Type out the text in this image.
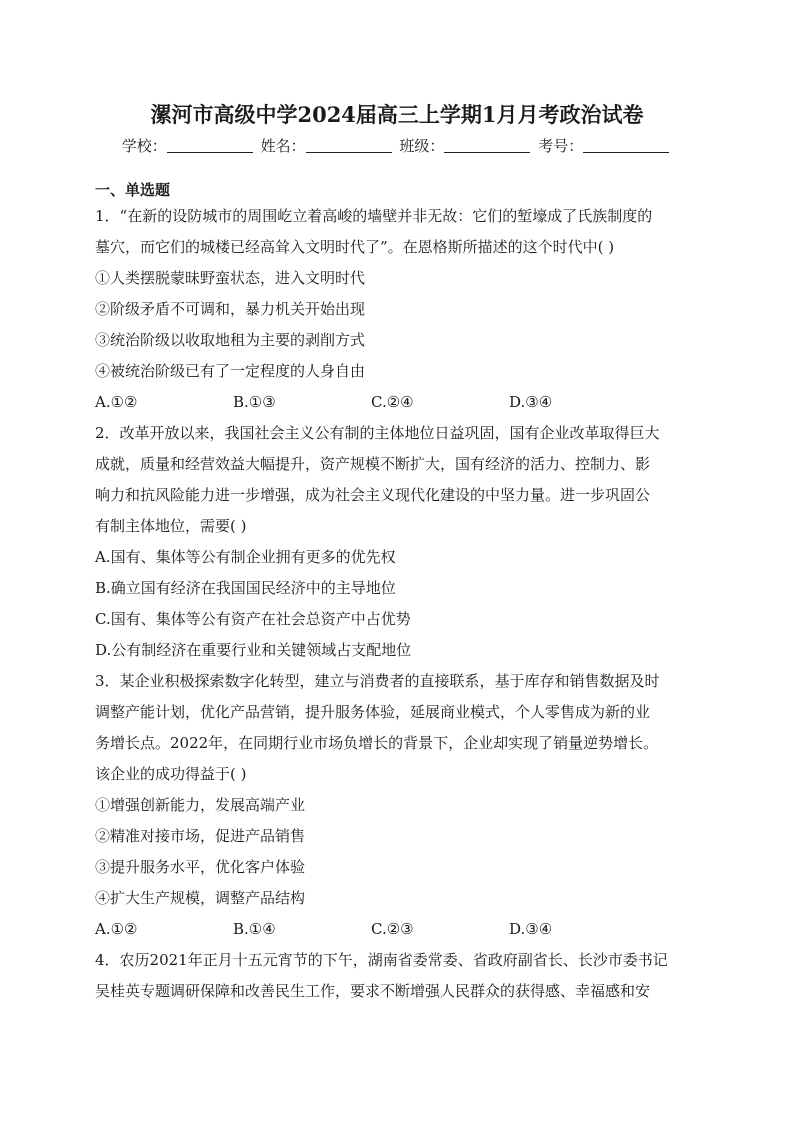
漯河市高级中学2024届高三上学期1月月考政治试卷
学校：	姓名：	班级：	考号：
一、单选题
1．“在新的设防城市的周围屹立着高峻的墙壁并非无故：它们的堑壕成了氏族制度的
墓穴，而它们的城楼已经高耸入文明时代了”。在恩格斯所描述的这个时代中( )
①人类摆脱蒙昧野蛮状态，进入文明时代
②阶级矛盾不可调和，暴力机关开始出现
③统治阶级以收取地租为主要的剥削方式
④被统治阶级已有了一定程度的人身自由
A.①②	B.①③	C.②④	D.③④
2．改革开放以来，我国社会主义公有制的主体地位日益巩固，国有企业改革取得巨大
成就，质量和经营效益大幅提升，资产规模不断扩大，国有经济的活力、控制力、影
响力和抗风险能力进一步增强，成为社会主义现代化建设的中坚力量。进一步巩固公
有制主体地位，需要( )
A.国有、集体等公有制企业拥有更多的优先权
B.确立国有经济在我国国民经济中的主导地位
C.国有、集体等公有资产在社会总资产中占优势
D.公有制经济在重要行业和关键领域占支配地位
3．某企业积极探索数字化转型，建立与消费者的直接联系，基于库存和销售数据及时
调整产能计划，优化产品营销，提升服务体验，延展商业模式，个人零售成为新的业
务增长点。2022年，在同期行业市场负增长的背景下，企业却实现了销量逆势增长。
该企业的成功得益于( )
①增强创新能力，发展高端产业
②精准对接市场，促进产品销售
③提升服务水平，优化客户体验
④扩大生产规模，调整产品结构
A.①②	B.①④	C.②③	D.③④
4．农历2021年正月十五元宵节的下午，湖南省委常委、省政府副省长、长沙市委书记
吴桂英专题调研保障和改善民生工作，要求不断增强人民群众的获得感、幸福感和安
